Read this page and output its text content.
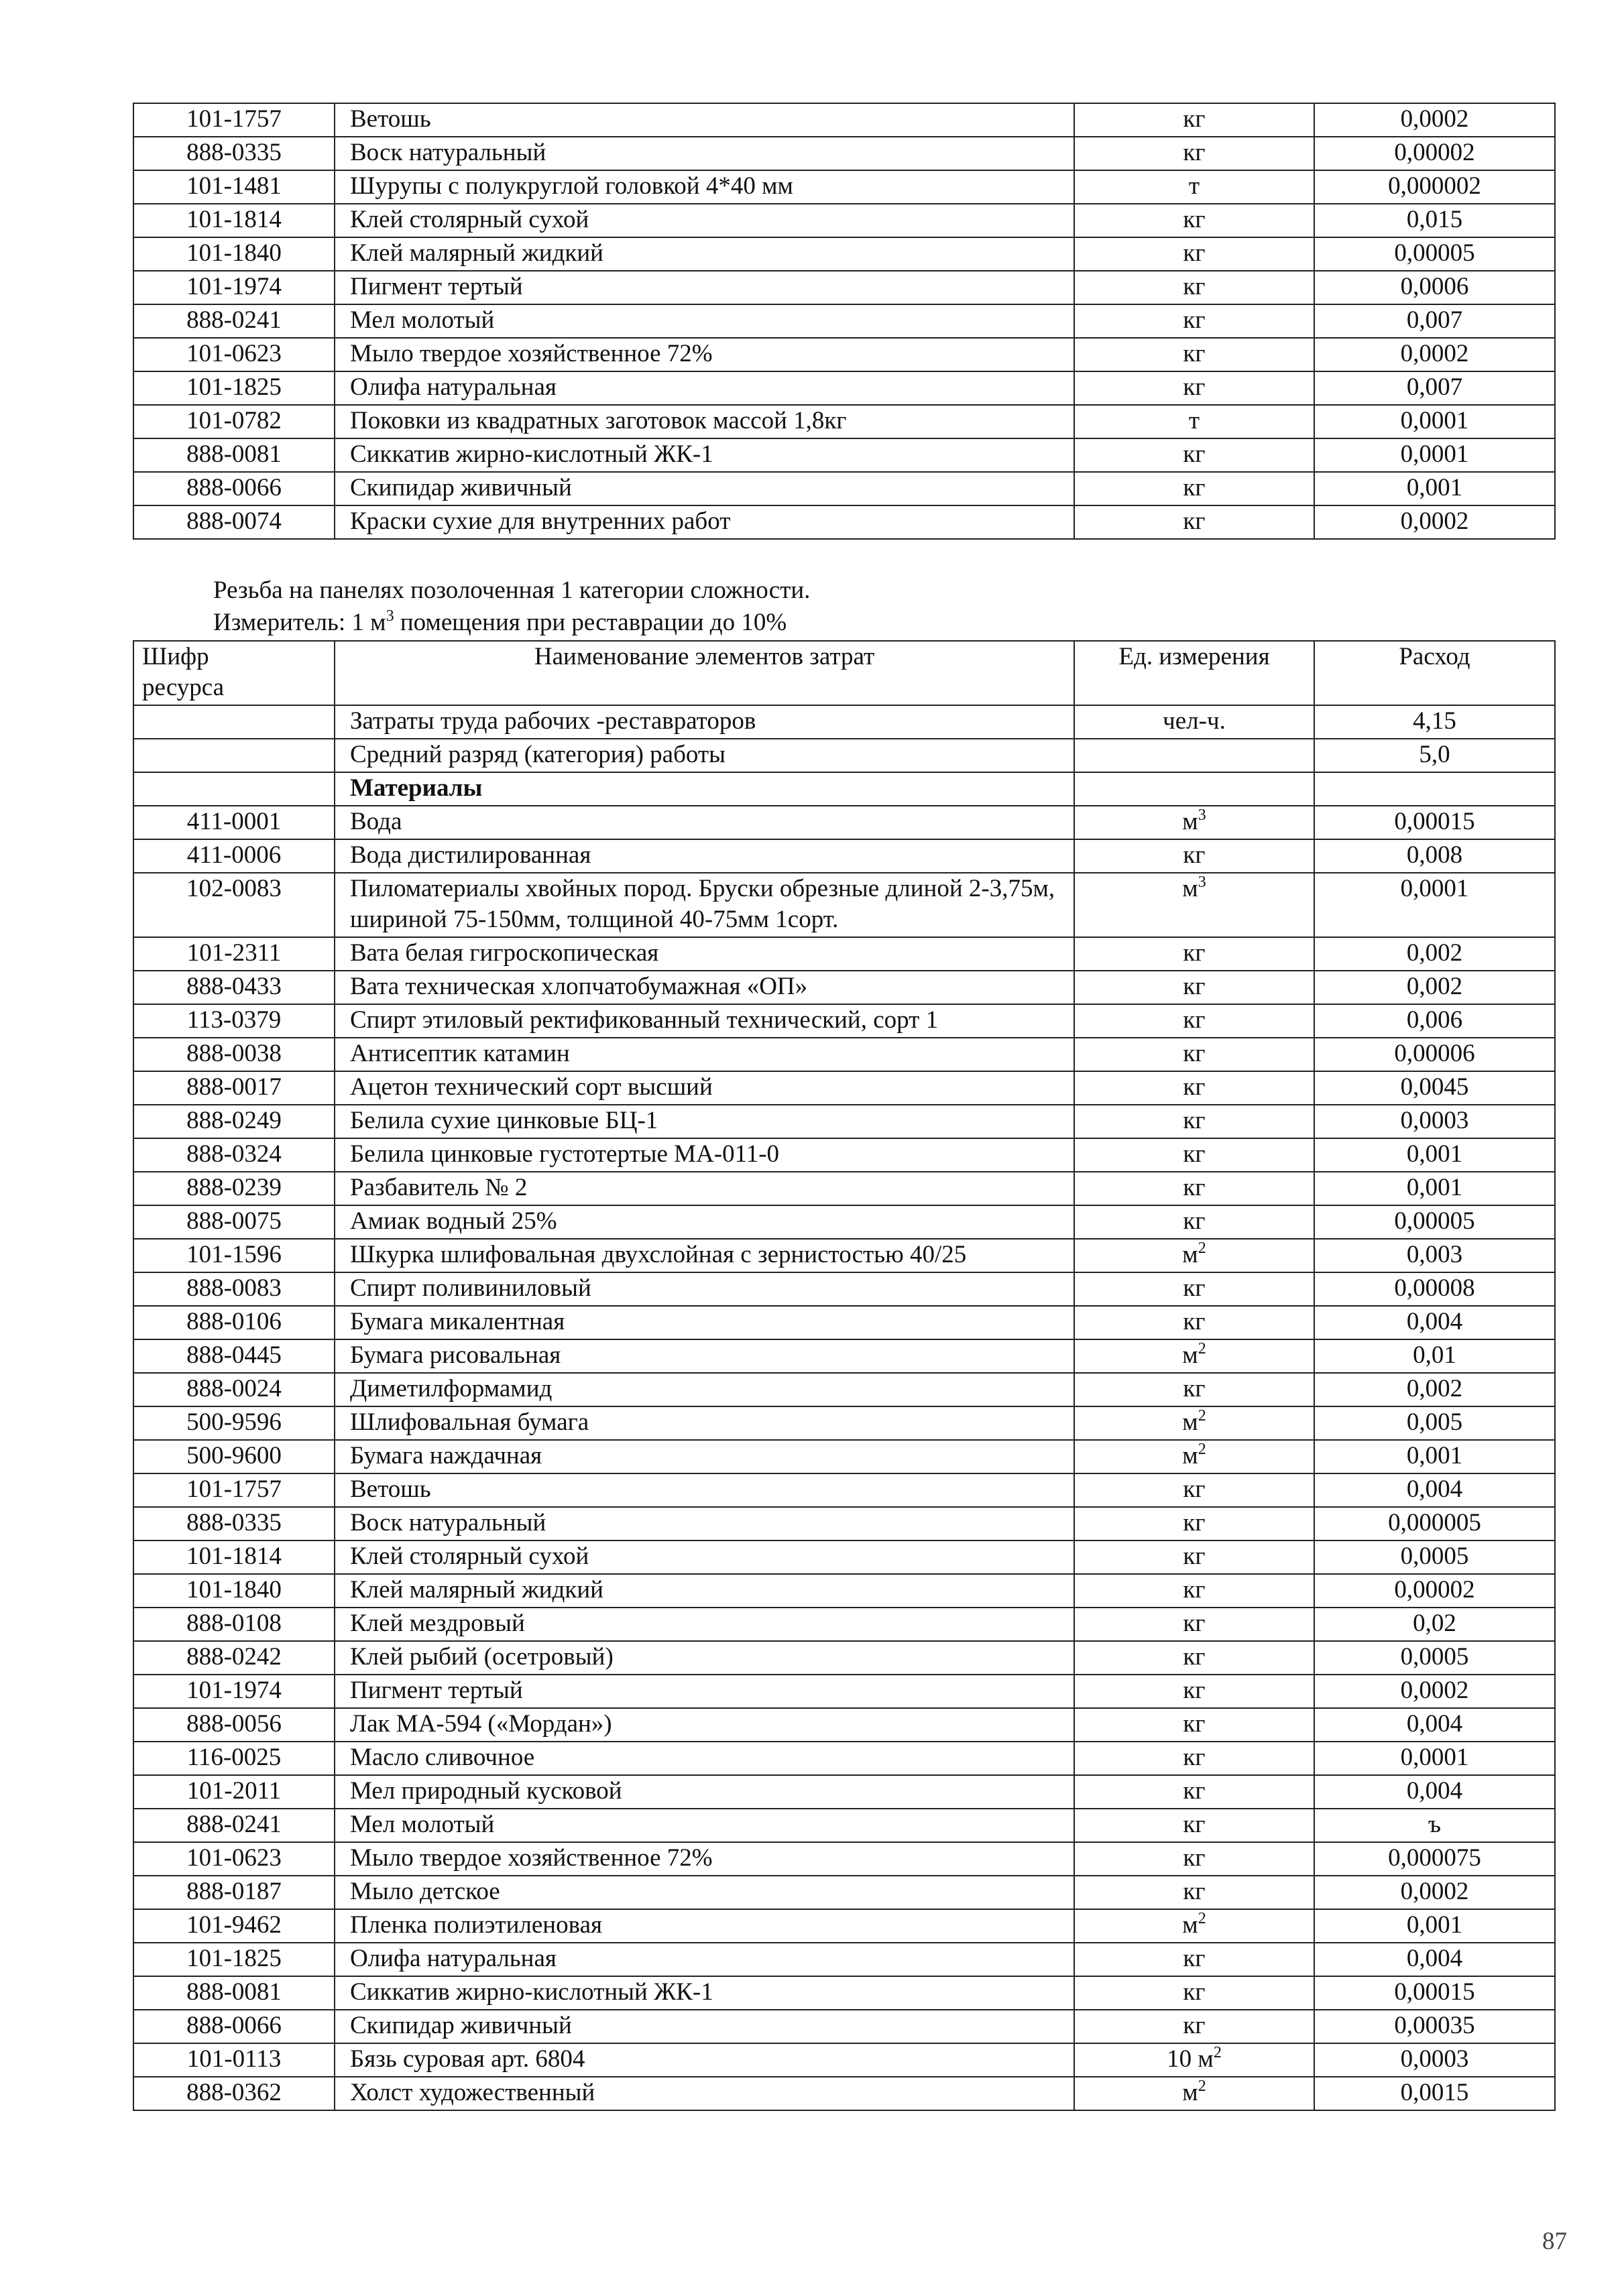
101-1757	Ветошь	кг	0,0002
888-0335	Воск натуральный	кг	0,00002
101-1481	Шурупы с полукруглой головкой 4*40 мм	т	0,000002
101-1814	Клей столярный сухой	кг	0,015
101-1840	Клей малярный жидкий	кг	0,00005
101-1974	Пигмент тертый	кг	0,0006
888-0241	Мел молотый	кг	0,007
101-0623	Мыло твердое хозяйственное 72%	кг	0,0002
101-1825	Олифа натуральная	кг	0,007
101-0782	Поковки из квадратных заготовок массой 1,8кг	т	0,0001
888-0081	Сиккатив жирно-кислотный ЖК-1	кг	0,0001
888-0066	Скипидар живичный	кг	0,001
888-0074	Краски сухие для внутренних работ	кг	0,0002
Резьба на панелях позолоченная 1 категории сложности.
Измеритель: 1 $м^3$ помещения при реставрации до 10%
Шифр
ресурса	Наименование элементов затрат	Ед. измерения	Расход
	Затраты труда рабочих -реставраторов	чел-ч.	4,15
	Средний разряд (категория) работы		5,0
	Материалы		
411-0001	Вода	$м^3$	0,00015
411-0006	Вода дистилированная	кг	0,008
102-0083	Пиломатериалы хвойных пород. Бруски обрезные длиной 2-3,75м, шириной 75-150мм, толщиной 40-75мм 1сорт.	$м^3$	0,0001
101-2311	Вата белая гигроскопическая	кг	0,002
888-0433	Вата техническая хлопчатобумажная «ОП»	кг	0,002
113-0379	Спирт этиловый ректификованный технический, сорт 1	кг	0,006
888-0038	Антисептик катамин	кг	0,00006
888-0017	Ацетон технический сорт высший	кг	0,0045
888-0249	Белила сухие цинковые БЦ-1	кг	0,0003
888-0324	Белила цинковые густотертые МА-011-0	кг	0,001
888-0239	Разбавитель № 2	кг	0,001
888-0075	Амиак водный 25%	кг	0,00005
101-1596	Шкурка шлифовальная двухслойная с зернистостью 40/25	$м^2$	0,003
888-0083	Спирт поливиниловый	кг	0,00008
888-0106	Бумага микалентная	кг	0,004
888-0445	Бумага рисовальная	$м^2$	0,01
888-0024	Диметилформамид	кг	0,002
500-9596	Шлифовальная бумага	$м^2$	0,005
500-9600	Бумага наждачная	$м^2$	0,001
101-1757	Ветошь	кг	0,004
888-0335	Воск натуральный	кг	0,000005
101-1814	Клей столярный сухой	кг	0,0005
101-1840	Клей малярный жидкий	кг	0,00002
888-0108	Клей мездровый	кг	0,02
888-0242	Клей рыбий (осетровый)	кг	0,0005
101-1974	Пигмент тертый	кг	0,0002
888-0056	Лак МА-594 («Мордан»)	кг	0,004
116-0025	Масло сливочное	кг	0,0001
101-2011	Мел природный кусковой	кг	0,004
888-0241	Мел молотый	кг	ъ
101-0623	Мыло твердое хозяйственное 72%	кг	0,000075
888-0187	Мыло детское	кг	0,0002
101-9462	Пленка полиэтиленовая	$м^2$	0,001
101-1825	Олифа натуральная	кг	0,004
888-0081	Сиккатив жирно-кислотный ЖК-1	кг	0,00015
888-0066	Скипидар живичный	кг	0,00035
101-0113	Бязь суровая арт. 6804	10 $м^2$	0,0003
888-0362	Холст художественный	$м^2$	0,0015
87
